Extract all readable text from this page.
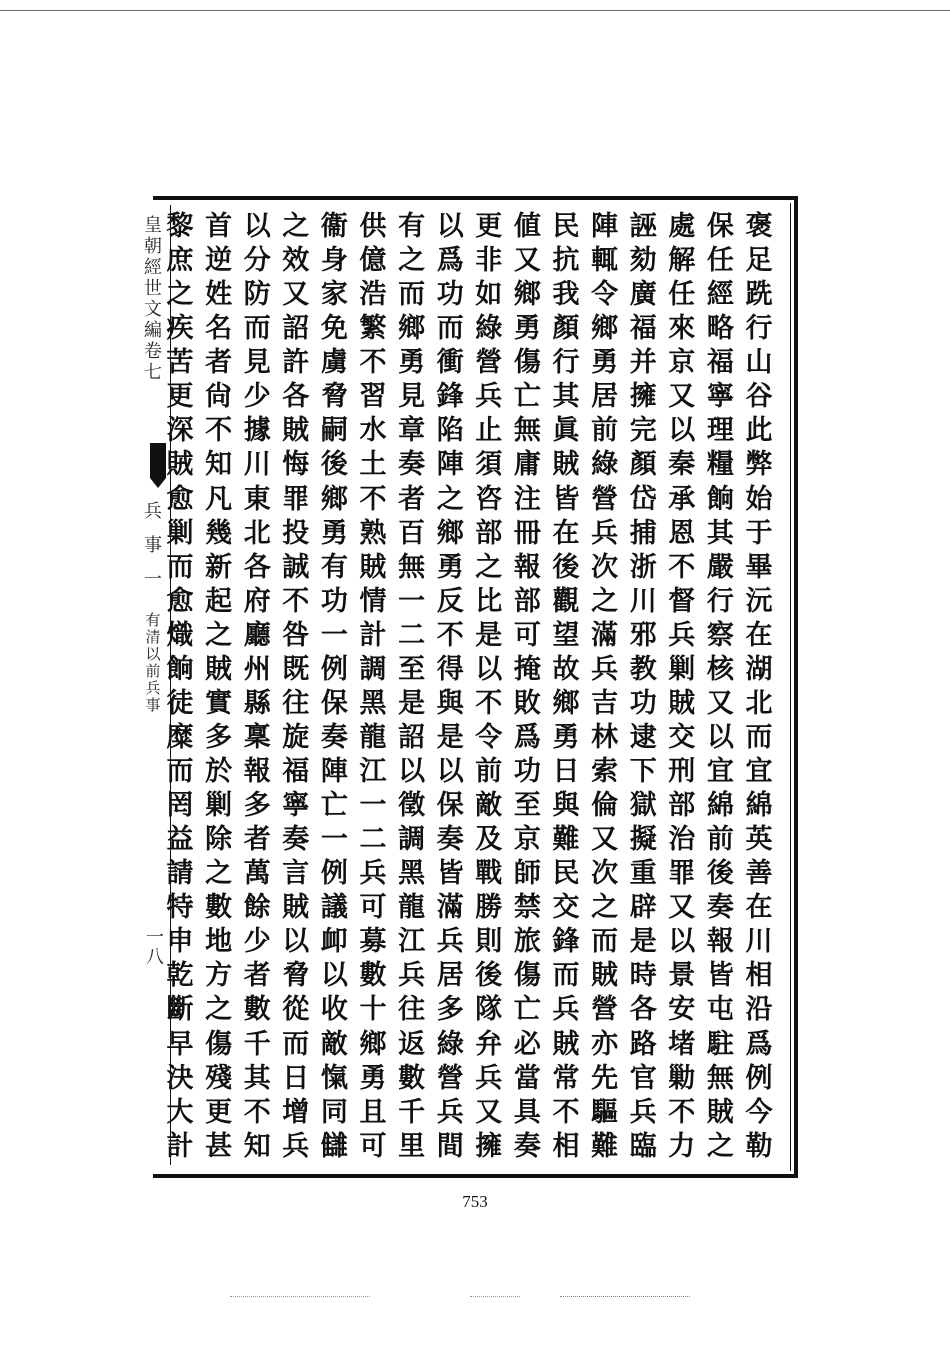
皇朝經世文編卷七
兵事一
有清以前兵事
一八
褒
足
跣
行
山
谷
此
弊
始
于
畢
沅
在
湖
北
而
宜
綿
英
善
在
川
相
沿
爲
例
今
勒
保
任
經
略
福
寧
理
糧
餉
其
嚴
行
察
核
又
以
宜
綿
前
後
奏
報
皆
屯
駐
無
賊
之
處
解
任
來
京
又
以
秦
承
恩
不
督
兵
剿
賊
交
刑
部
治
罪
又
以
景
安
堵
勦
不
力
誣
劾
廣
福
并
擁
完
顏
岱
捕
浙
川
邪
教
功
逮
下
獄
擬
重
辟
是
時
各
路
官
兵
臨
陣
輒
令
鄉
勇
居
前
綠
營
兵
次
之
滿
兵
吉
林
索
倫
又
次
之
而
賊
營
亦
先
驅
難
民
抗
我
顏
行
其
眞
賊
皆
在
後
觀
望
故
鄉
勇
日
與
難
民
交
鋒
而
兵
賊
常
不
相
値
又
鄉
勇
傷
亡
無
庸
注
冊
報
部
可
掩
敗
爲
功
至
京
師
禁
旅
傷
亡
必
當
具
奏
更
非
如
綠
營
兵
止
須
咨
部
之
比
是
以
不
令
前
敵
及
戰
勝
則
後
隊
弁
兵
又
擁
以
爲
功
而
衝
鋒
陷
陣
之
鄉
勇
反
不
得
與
是
以
保
奏
皆
滿
兵
居
多
綠
營
兵
間
有
之
而
鄉
勇
見
章
奏
者
百
無
一
二
至
是
詔
以
徵
調
黑
龍
江
兵
往
返
數
千
里
供
億
浩
繁
不
習
水
土
不
熟
賊
情
計
調
黑
龍
江
一
二
兵
可
募
數
十
鄉
勇
且
可
衞
身
家
免
虜
脅
嗣
後
鄉
勇
有
功
一
例
保
奏
陣
亡
一
例
議
卹
以
收
敵
愾
同
讎
之
效
又
詔
許
各
賊
悔
罪
投
誠
不
咎
既
往
旋
福
寧
奏
言
賊
以
脅
從
而
日
增
兵
以
分
防
而
見
少
據
川
東
北
各
府
廳
州
縣
稟
報
多
者
萬
餘
少
者
數
千
其
不
知
首
逆
姓
名
者
尙
不
知
凡
幾
新
起
之
賊
實
多
於
剿
除
之
數
地
方
之
傷
殘
更
甚
黎
庶
之
疾
苦
更
深
賊
愈
剿
而
愈
熾
餉
徒
糜
而
罔
益
請
特
申
乾
斷
早
決
大
計
753
